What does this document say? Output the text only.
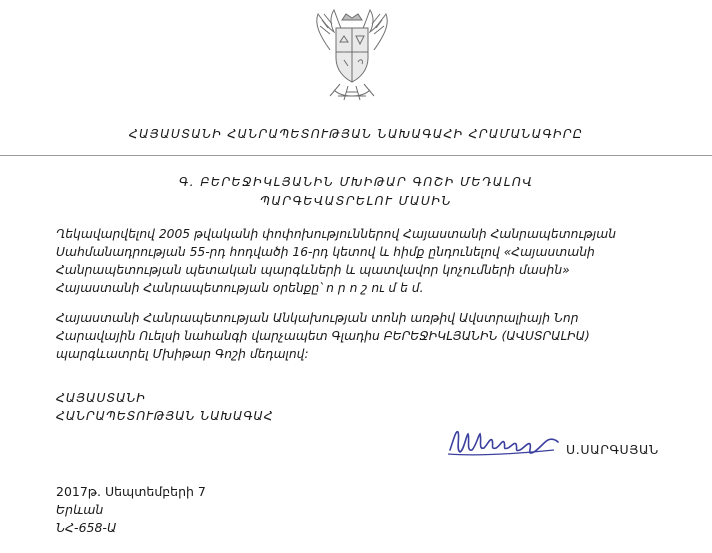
ՀԱՅԱՍՏԱՆԻ ՀԱՆՐԱՊԵՏՈՒԹՅԱՆ ՆԱԽԱԳԱՀԻ ՀՐԱՄԱՆԱԳԻՐԸ
Գ. ԲԵՐԵՋԻԿԼՅԱՆԻՆ ՄԽԻԹԱՐ ԳՈՇԻ ՄԵԴԱԼՈՎ
ՊԱՐԳԵՎԱՏՐԵԼՈՒ ՄԱՍԻՆ
Ղեկավարվելով 2005 թվականի փոփոխություններով Հայաստանի Հանրապետության Սահմանադրության 55-րդ հոդվածի 16-րդ կետով և հիմք ընդունելով «Հայաստանի Հանրապետության պետական պարգևների և պատվավոր կոչումների մասին» Հայաստանի Հանրապետության օրենքը՝ ո ր ո շ ու մ ե մ.
Հայաստանի Հանրապետության Անկախության տոնի առթիվ Ավստրալիայի Նոր Հարավային Ուելսի նահանգի վարչապետ Գլադիս ԲԵՐԵՋԻԿԼՅԱՆԻՆ (ԱՎՍՏՐԱԼԻԱ) պարգևատրել Մխիթար Գոշի մեդալով:
ՀԱՅԱՍՏԱՆԻ
ՀԱՆՐԱՊԵՏՈՒԹՅԱՆ ՆԱԽԱԳԱՀ
Ս.ՍԱՐԳՍՅԱՆ
2017թ. Սեպտեմբերի 7
Երևան
ՆՀ-658-Ա
